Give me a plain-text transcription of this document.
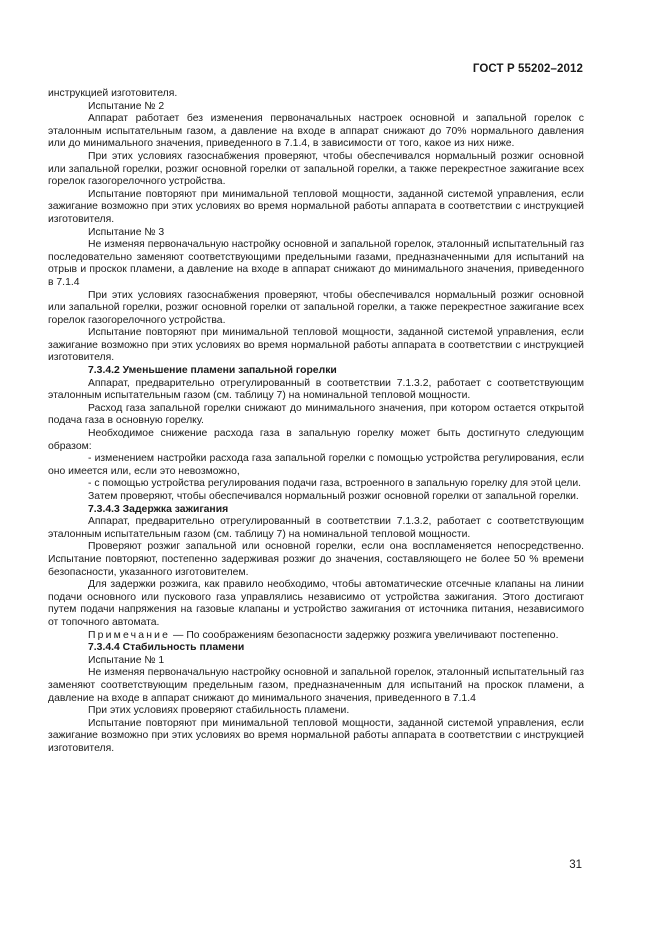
ГОСТ Р 55202–2012

инструкцией изготовителя.

Испытание № 2

Аппарат работает без изменения первоначальных настроек основной и запальной горелок с эталонным испытательным газом, а давление на входе в аппарат снижают до 70% нормального давления или до минимального значения, приведенного в 7.1.4, в зависимости от того, какое из них ниже.

При этих условиях газоснабжения проверяют, чтобы обеспечивался нормальный розжиг основной или запальной горелки, розжиг основной горелки от запальной горелки, а также перекрестное зажигание всех горелок газогорелочного устройства.

Испытание повторяют при минимальной тепловой мощности, заданной системой управления, если зажигание возможно при этих условиях во время нормальной работы аппарата в соответствии с инструкцией изготовителя.

Испытание № 3

Не изменяя первоначальную настройку основной и запальной горелок, эталонный испытательный газ последовательно заменяют соответствующими предельными газами, предназначенными для испытаний на отрыв и проскок пламени, а давление на входе в аппарат снижают до минимального значения, приведенного в 7.1.4

При этих условиях газоснабжения проверяют, чтобы обеспечивался нормальный розжиг основной или запальной горелки, розжиг основной горелки от запальной горелки, а также перекрестное зажигание всех горелок газогорелочного устройства.

Испытание повторяют при минимальной тепловой мощности, заданной системой управления, если зажигание возможно при этих условиях во время нормальной работы аппарата в соответствии с инструкцией изготовителя.

7.3.4.2 Уменьшение пламени запальной горелки

Аппарат, предварительно отрегулированный в соответствии 7.1.3.2, работает с соответствующим эталонным испытательным газом (см. таблицу 7) на номинальной тепловой мощности.

Расход газа запальной горелки снижают до минимального значения, при котором остается открытой подача газа в основную горелку.

Необходимое снижение расхода газа в запальную горелку может быть достигнуто следующим образом:

- изменением настройки расхода газа запальной горелки с помощью устройства регулирования, если оно имеется или, если это невозможно,

- с помощью устройства регулирования подачи газа, встроенного в запальную горелку для этой цели.

Затем проверяют, чтобы обеспечивался нормальный розжиг основной горелки от запальной горелки.

7.3.4.3 Задержка зажигания

Аппарат, предварительно отрегулированный в соответствии 7.1.3.2, работает с соответствующим эталонным испытательным газом (см. таблицу 7) на номинальной тепловой мощности.

Проверяют розжиг запальной или основной горелки, если она воспламеняется непосредственно. Испытание повторяют, постепенно задерживая розжиг до значения, составляющего не более 50 % времени безопасности, указанного изготовителем.

Для задержки розжига, как правило необходимо, чтобы автоматические отсечные клапаны на линии подачи основного или пускового газа управлялись независимо от устройства зажигания. Этого достигают путем подачи напряжения на газовые клапаны и устройство зажигания от источника питания, независимого от топочного автомата.

Примечание — По соображениям безопасности задержку розжига увеличивают постепенно.

7.3.4.4 Стабильность пламени

Испытание № 1

Не изменяя первоначальную настройку основной и запальной горелок, эталонный испытательный газ заменяют соответствующим предельным газом, предназначенным для испытаний на проскок пламени, а давление на входе в аппарат снижают до минимального значения, приведенного в 7.1.4

При этих условиях проверяют стабильность пламени.

Испытание повторяют при минимальной тепловой мощности, заданной системой управления, если зажигание возможно при этих условиях во время нормальной работы аппарата в соответствии с инструкцией изготовителя.

31
